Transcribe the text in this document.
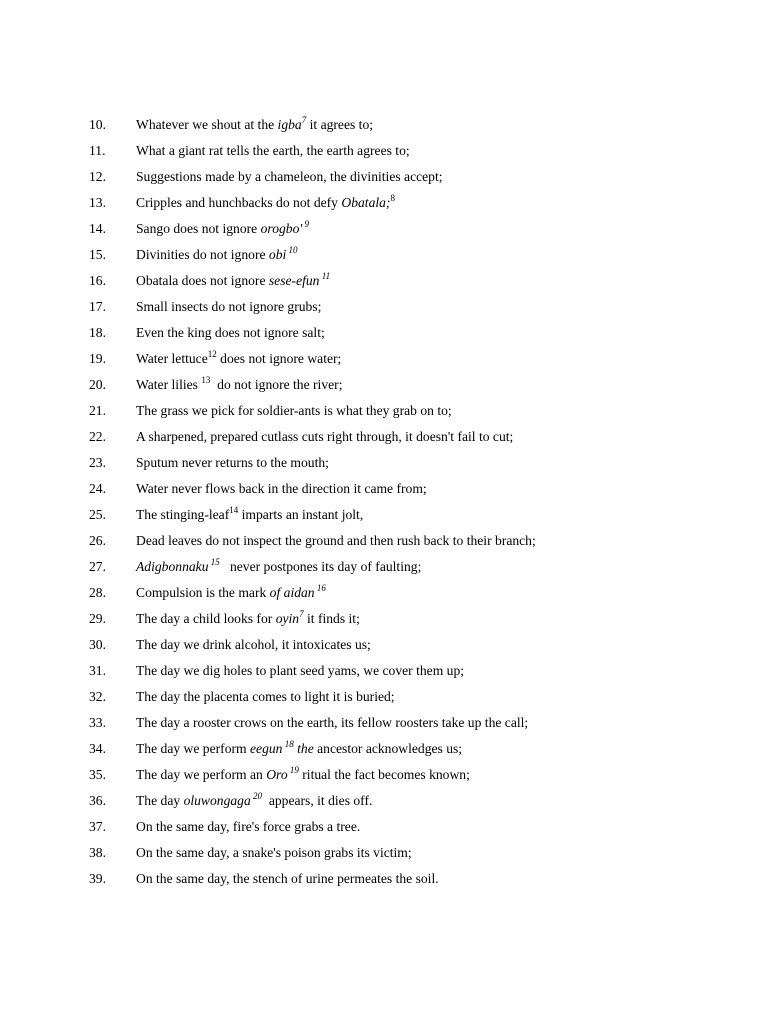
10.	Whatever we shout at the igba$^7$ it agrees to;
11.	What a giant rat tells the earth, the earth agrees to;
12.	Suggestions made by a chameleon, the divinities accept;
13.	Cripples and hunchbacks do not defy Obatala;$^8$
14.	Sango does not ignore orogbo' $^9$
15.	Divinities do not ignore obi $^{10}$
16.	Obatala does not ignore sese-efun $^{11}$
17.	Small insects do not ignore grubs;
18.	Even the king does not ignore salt;
19.	Water lettuce$^{12}$ does not ignore water;
20.	Water lilies $^{13}$  do not ignore the river;
21.	The grass we pick for soldier-ants is what they grab on to;
22.	A sharpened, prepared cutlass cuts right through, it doesn't fail to cut;
23.	Sputum never returns to the mouth;
24.	Water never flows back in the direction it came from;
25.	The stinging-leaf$^{14}$ imparts an instant jolt,
26.	Dead leaves do not inspect the ground and then rush back to their branch;
27.	Adigbonnaku $^{15}$   never postpones its day of faulting;
28.	Compulsion is the mark of aidan $^{16}$
29.	The day a child looks for oyin$^7$ it finds it;
30.	The day we drink alcohol, it intoxicates us;
31.	The day we dig holes to plant seed yams, we cover them up;
32.	The day the placenta comes to light it is buried;
33.	The day a rooster crows on the earth, its fellow roosters take up the call;
34.	The day we perform eegun $^{18}$ the ancestor acknowledges us;
35.	The day we perform an Oro $^{19}$ ritual the fact becomes known;
36.	The day oluwongaga $^{20}$  appears, it dies off.
37.	On the same day, fire's force grabs a tree.
38.	On the same day, a snake's poison grabs its victim;
39.	On the same day, the stench of urine permeates the soil.
